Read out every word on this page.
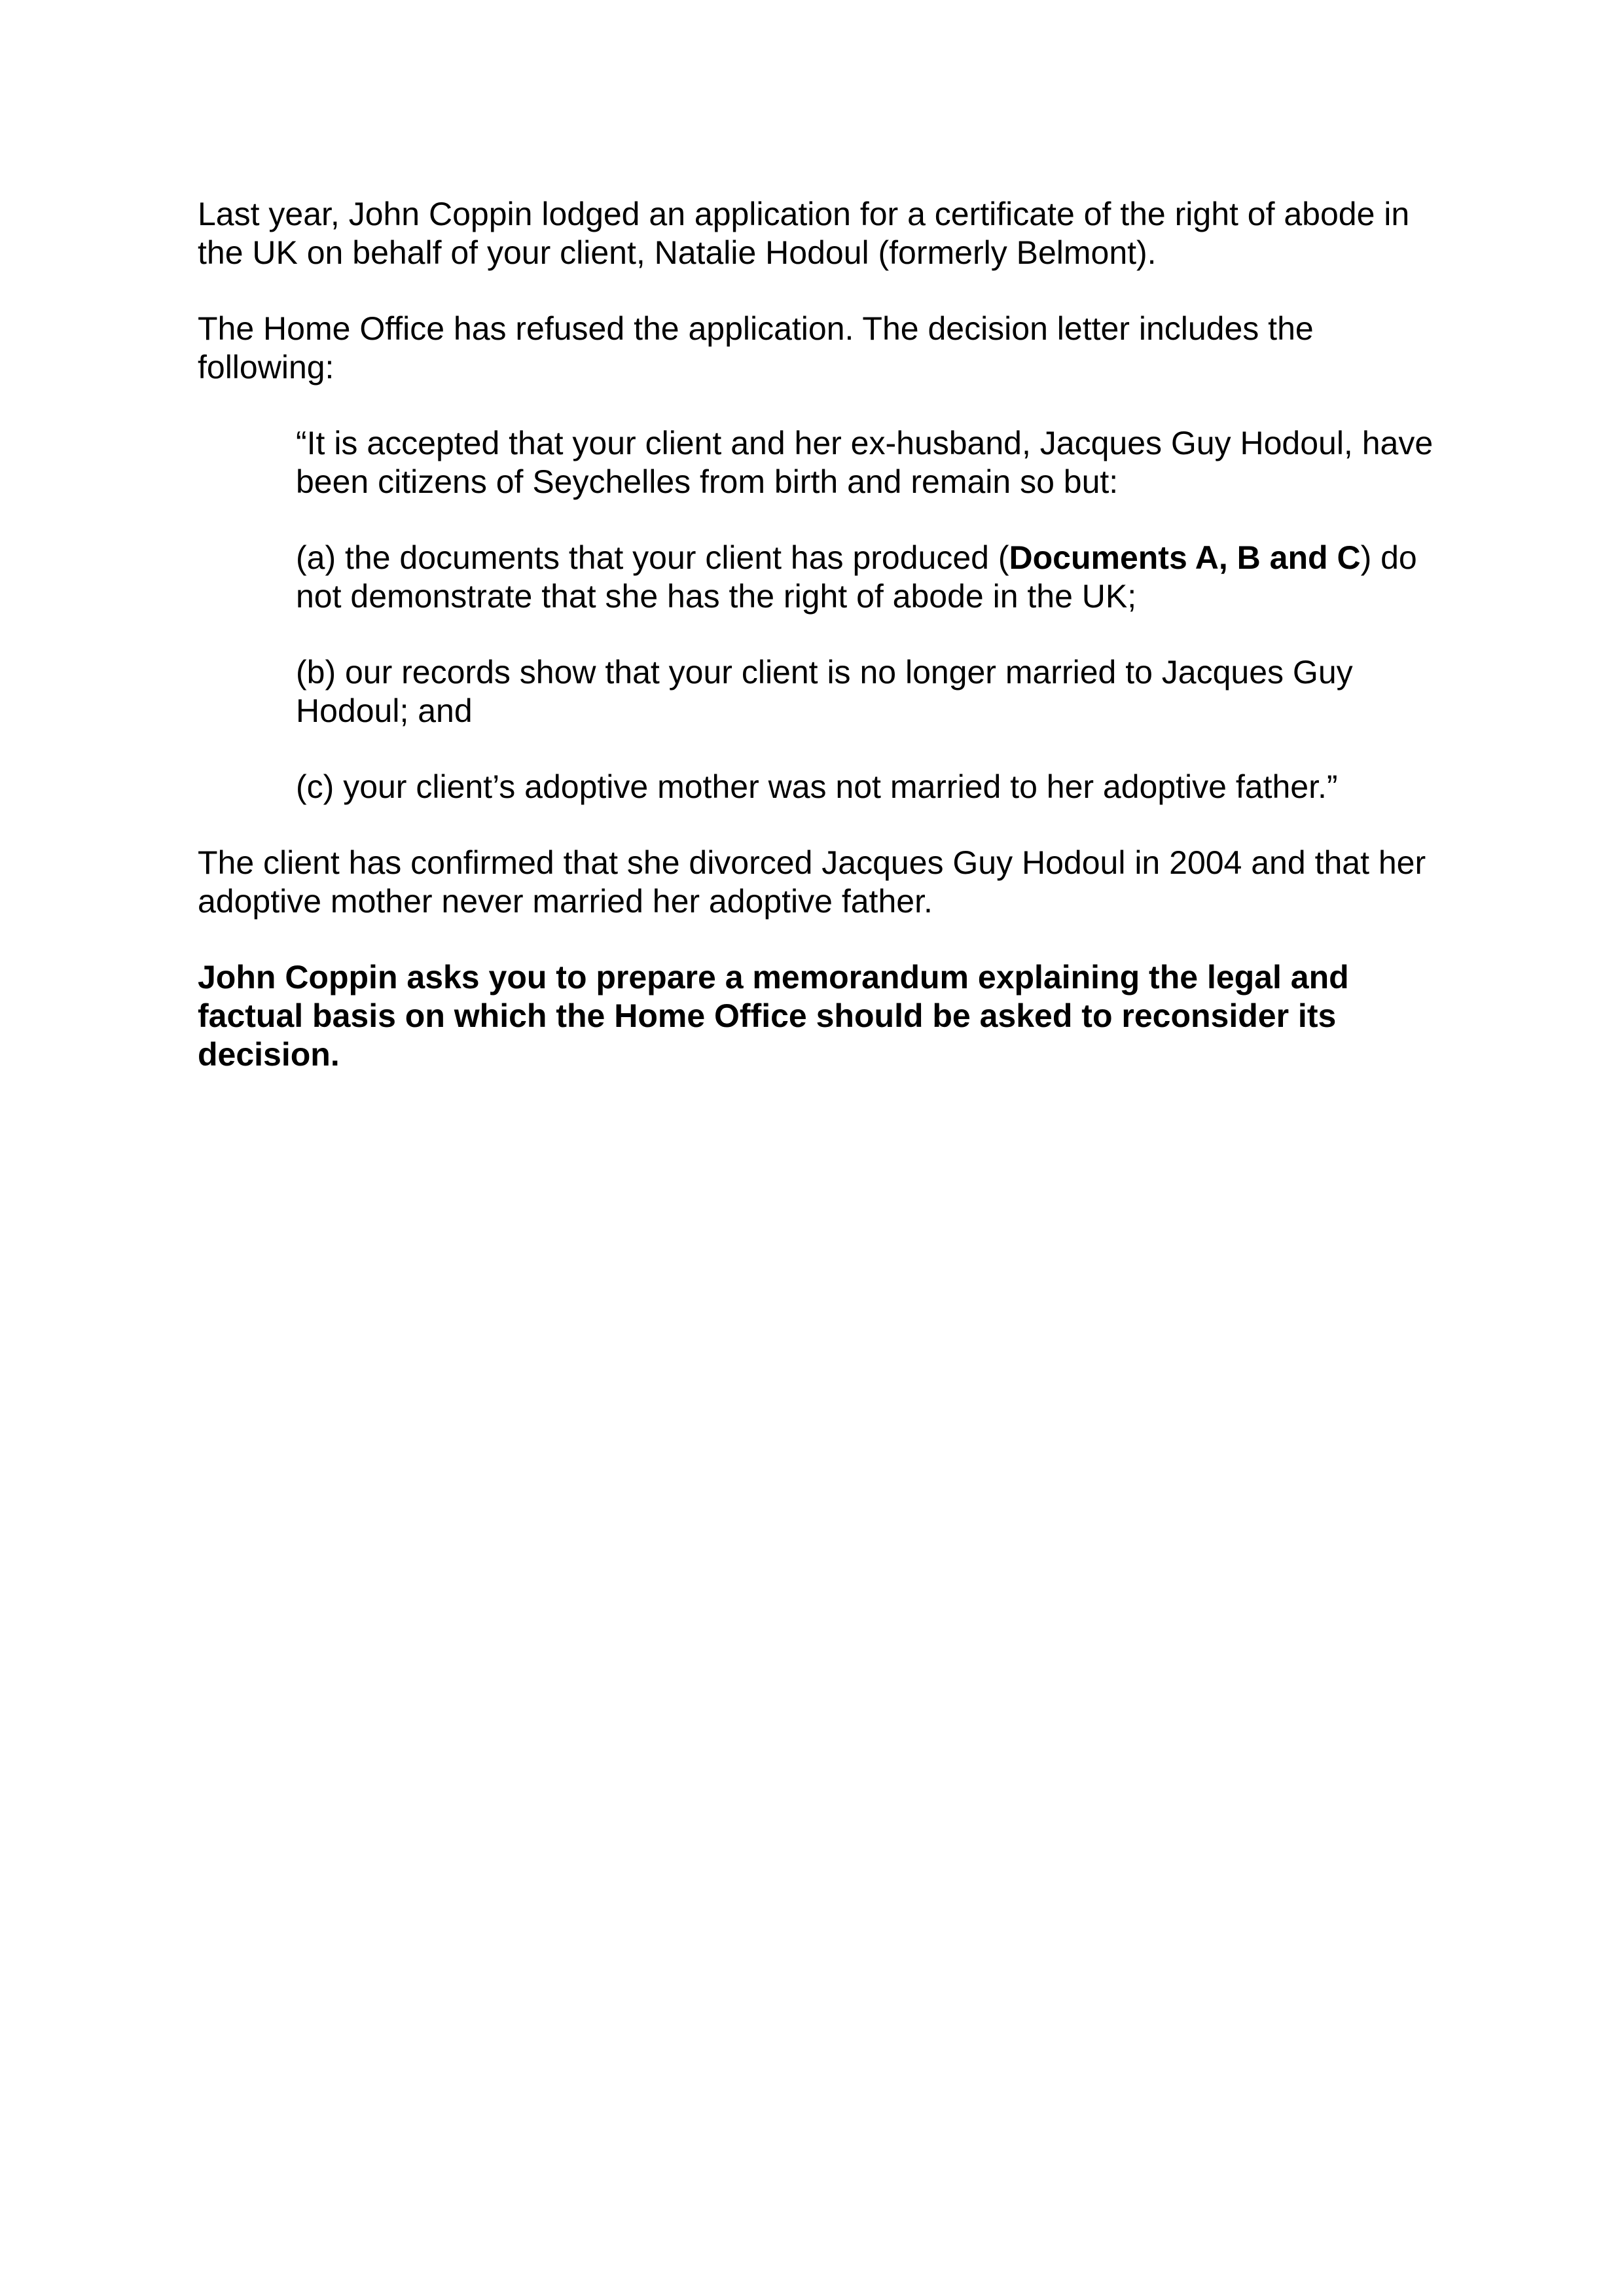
Last year, John Coppin lodged an application for a certificate of the right of abode in the UK on behalf of your client, Natalie Hodoul (formerly Belmont).

The Home Office has refused the application. The decision letter includes the following:

“It is accepted that your client and her ex-husband, Jacques Guy Hodoul, have been citizens of Seychelles from birth and remain so but:

(a) the documents that your client has produced (Documents A, B and C) do not demonstrate that she has the right of abode in the UK;

(b) our records show that your client is no longer married to Jacques Guy Hodoul; and

(c) your client’s adoptive mother was not married to her adoptive father.”

The client has confirmed that she divorced Jacques Guy Hodoul in 2004 and that her adoptive mother never married her adoptive father.

John Coppin asks you to prepare a memorandum explaining the legal and factual basis on which the Home Office should be asked to reconsider its decision.
